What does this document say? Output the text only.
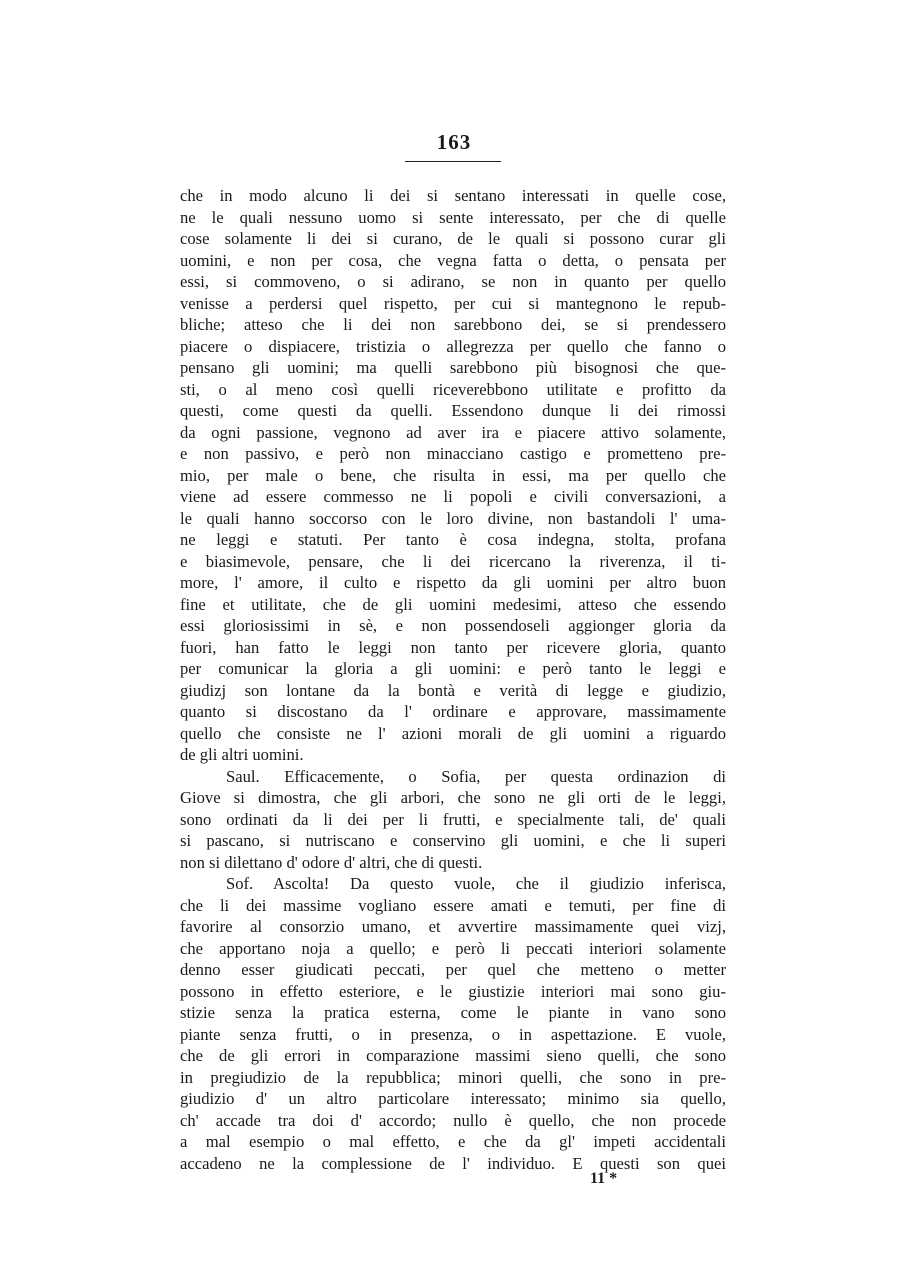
163
che in modo alcuno li dei si sentano interessati in quelle cose,
ne le quali nessuno uomo si sente interessato, per che di quelle
cose solamente li dei si curano, de le quali si possono curar gli
uomini, e non per cosa, che vegna fatta o detta, o pensata per
essi, si commoveno, o si adirano, se non in quanto per quello
venisse a perdersi quel rispetto, per cui si mantegnono le repub-
bliche; atteso che li dei non sarebbono dei, se si prendessero
piacere o dispiacere, tristizia o allegrezza per quello che fanno o
pensano gli uomini; ma quelli sarebbono più bisognosi che que-
sti, o al meno così quelli riceverebbono utilitate e profitto da
questi, come questi da quelli. Essendono dunque li dei rimossi
da ogni passione, vegnono ad aver ira e piacere attivo solamente,
e non passivo, e però non minacciano castigo e prometteno pre-
mio, per male o bene, che risulta in essi, ma per quello che
viene ad essere commesso ne li popoli e civili conversazioni, a
le quali hanno soccorso con le loro divine, non bastandoli l' uma-
ne leggi e statuti. Per tanto è cosa indegna, stolta, profana
e biasimevole, pensare, che li dei ricercano la riverenza, il ti-
more, l' amore, il culto e rispetto da gli uomini per altro buon
fine et utilitate, che de gli uomini medesimi, atteso che essendo
essi gloriosissimi in sè, e non possendoseli aggionger gloria da
fuori, han fatto le leggi non tanto per ricevere gloria, quanto
per comunicar la gloria a gli uomini: e però tanto le leggi e
giudizj son lontane da la bontà e verità di legge e giudizio,
quanto si discostano da l' ordinare e approvare, massimamente
quello che consiste ne l' azioni morali de gli uomini a riguardo
de gli altri uomini.
Saul. Efficacemente, o Sofia, per questa ordinazion di
Giove si dimostra, che gli arbori, che sono ne gli orti de le leggi,
sono ordinati da li dei per li frutti, e specialmente tali, de' quali
si pascano, si nutriscano e conservino gli uomini, e che li superi
non si dilettano d' odore d' altri, che di questi.
Sof. Ascolta! Da questo vuole, che il giudizio inferisca,
che li dei massime vogliano essere amati e temuti, per fine di
favorire al consorzio umano, et avvertire massimamente quei vizj,
che apportano noja a quello; e però li peccati interiori solamente
denno esser giudicati peccati, per quel che metteno o metter
possono in effetto esteriore, e le giustizie interiori mai sono giu-
stizie senza la pratica esterna, come le piante in vano sono
piante senza frutti, o in presenza, o in aspettazione. E vuole,
che de gli errori in comparazione massimi sieno quelli, che sono
in pregiudizio de la repubblica; minori quelli, che sono in pre-
giudizio d' un altro particolare interessato; minimo sia quello,
ch' accade tra doi d' accordo; nullo è quello, che non procede
a mal esempio o mal effetto, e che da gl' impeti accidentali
accadeno ne la complessione de l' individuo. E questi son quei
11 *
